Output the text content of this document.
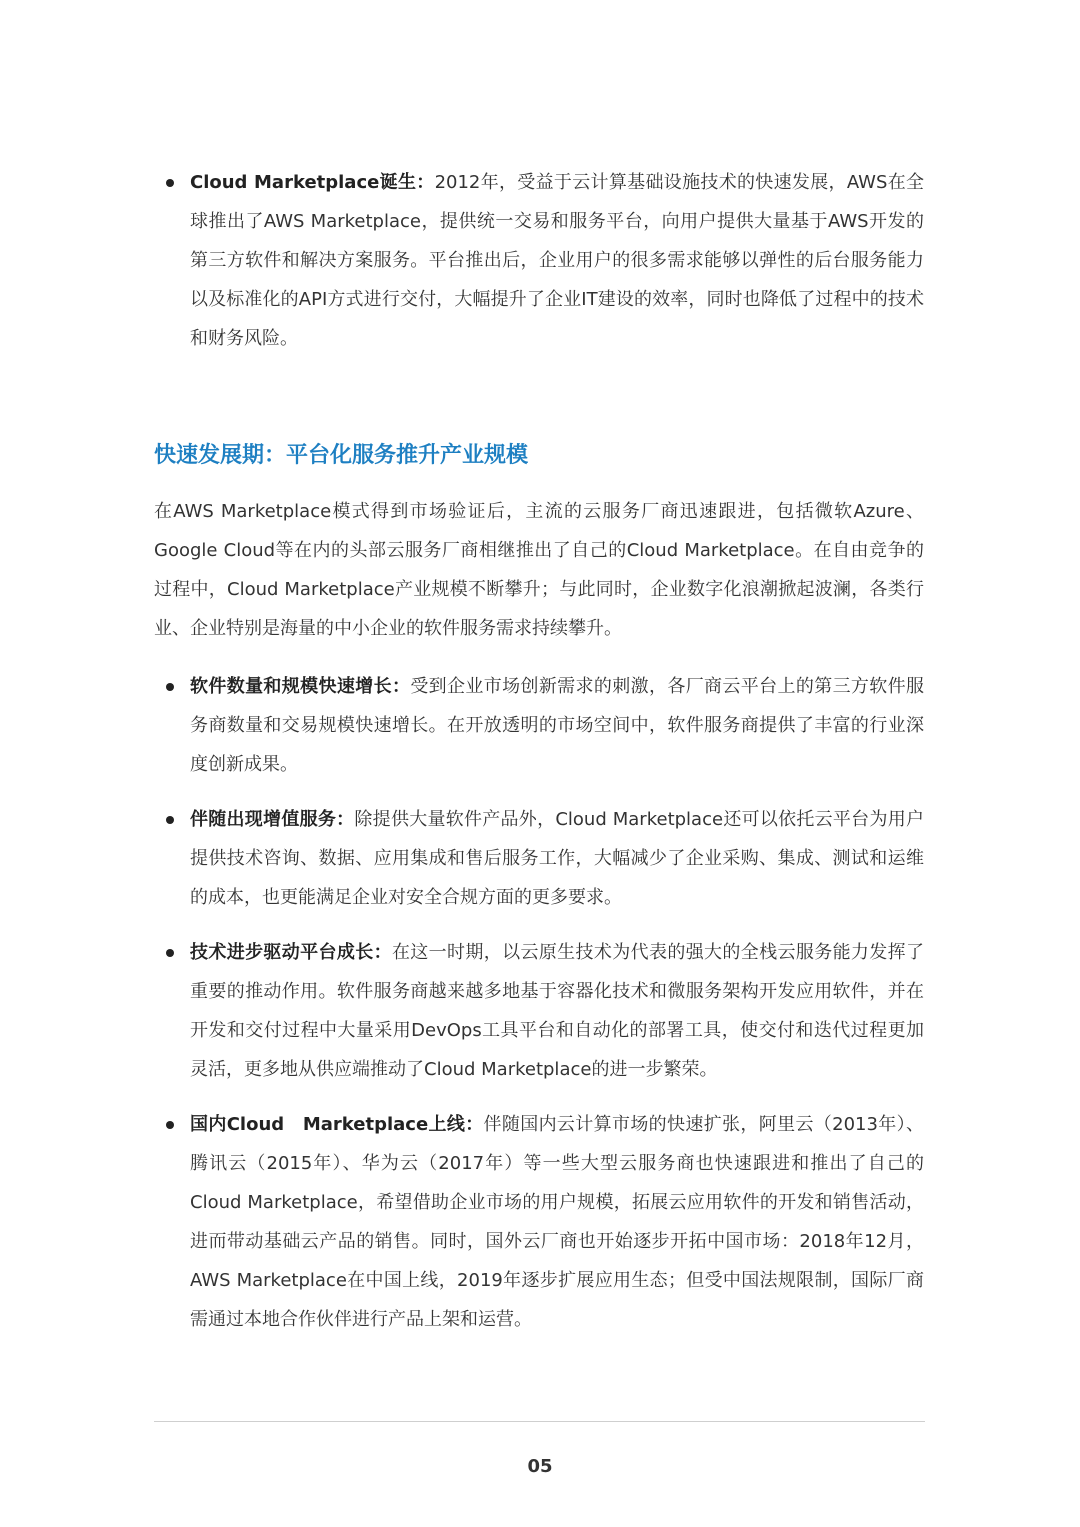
Cloud Marketplace诞生：2012年，受益于云计算基础设施技术的快速发展，AWS在全球推出了AWS Marketplace，提供统一交易和服务平台，向用户提供大量基于AWS开发的第三方软件和解决方案服务。平台推出后，企业用户的很多需求能够以弹性的后台服务能力以及标准化的API方式进行交付，大幅提升了企业IT建设的效率，同时也降低了过程中的技术和财务风险。
快速发展期：平台化服务推升产业规模
在AWS Marketplace模式得到市场验证后，主流的云服务厂商迅速跟进，包括微软Azure、Google Cloud等在内的头部云服务厂商相继推出了自己的Cloud Marketplace。在自由竞争的过程中，Cloud Marketplace产业规模不断攀升；与此同时，企业数字化浪潮掀起波澜，各类行业、企业特别是海量的中小企业的软件服务需求持续攀升。
软件数量和规模快速增长：受到企业市场创新需求的刺激，各厂商云平台上的第三方软件服务商数量和交易规模快速增长。在开放透明的市场空间中，软件服务商提供了丰富的行业深度创新成果。
伴随出现增值服务：除提供大量软件产品外，Cloud Marketplace还可以依托云平台为用户提供技术咨询、数据、应用集成和售后服务工作，大幅减少了企业采购、集成、测试和运维的成本，也更能满足企业对安全合规方面的更多要求。
技术进步驱动平台成长：在这一时期，以云原生技术为代表的强大的全栈云服务能力发挥了重要的推动作用。软件服务商越来越多地基于容器化技术和微服务架构开发应用软件，并在开发和交付过程中大量采用DevOps工具平台和自动化的部署工具，使交付和迭代过程更加灵活，更多地从供应端推动了Cloud Marketplace的进一步繁荣。
国内Cloud　Marketplace上线：伴随国内云计算市场的快速扩张，阿里云（2013年）、腾讯云（2015年）、华为云（2017年）等一些大型云服务商也快速跟进和推出了自己的Cloud Marketplace，希望借助企业市场的用户规模，拓展云应用软件的开发和销售活动，进而带动基础云产品的销售。同时，国外云厂商也开始逐步开拓中国市场：2018年12月，AWS Marketplace在中国上线，2019年逐步扩展应用生态；但受中国法规限制，国际厂商需通过本地合作伙伴进行产品上架和运营。
05
